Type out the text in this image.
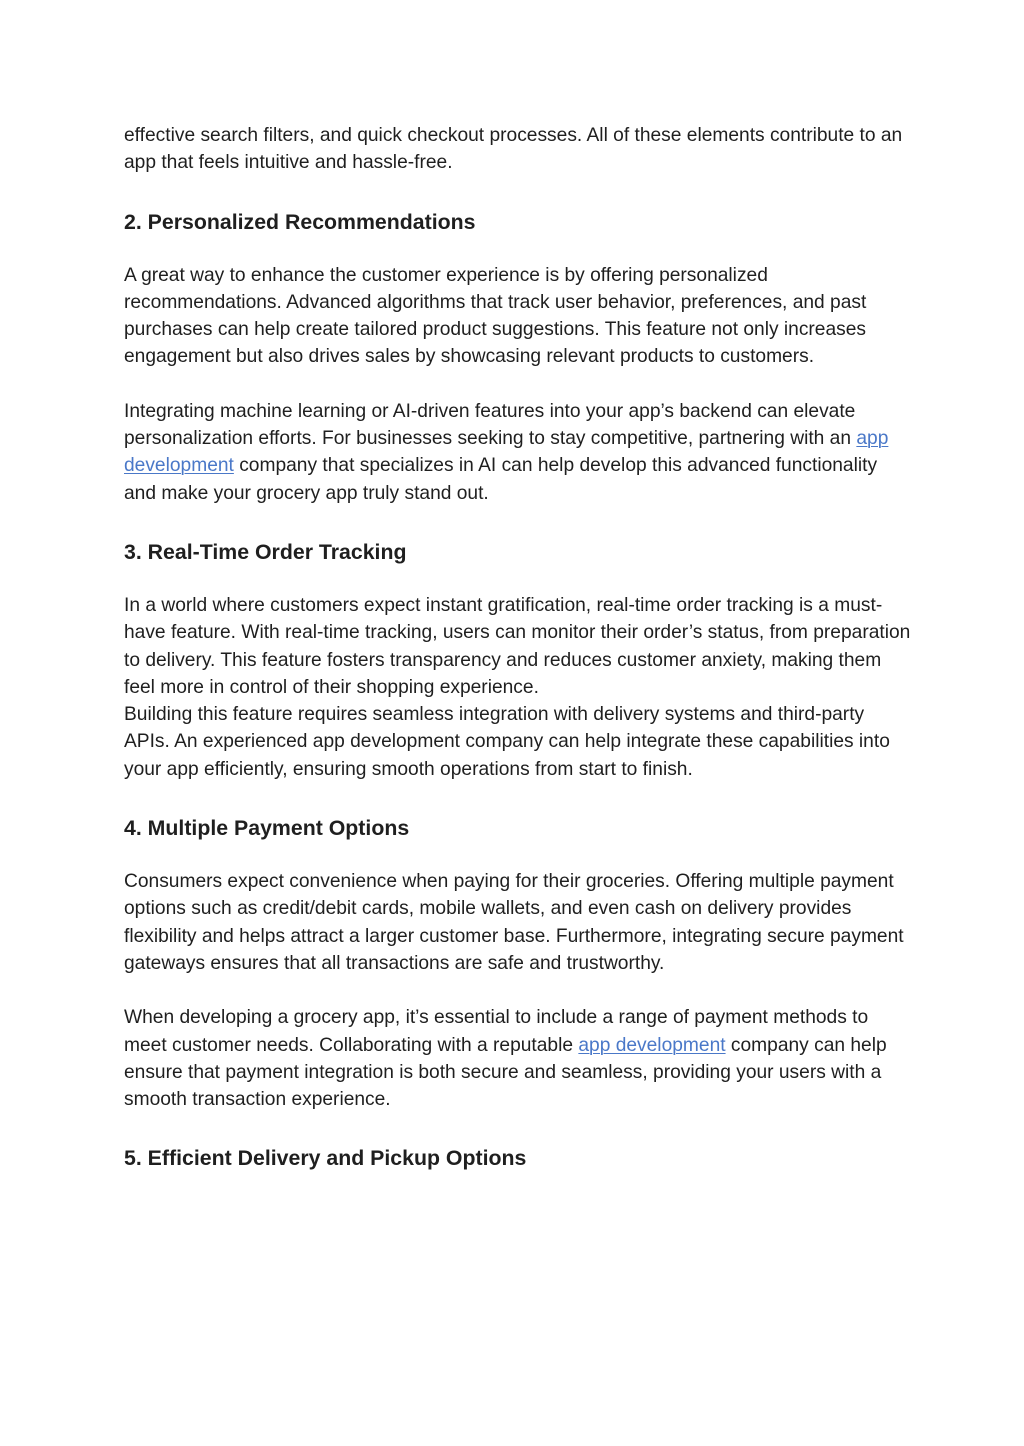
effective search filters, and quick checkout processes. All of these elements contribute to an app that feels intuitive and hassle-free.

2. Personalized Recommendations

A great way to enhance the customer experience is by offering personalized recommendations. Advanced algorithms that track user behavior, preferences, and past purchases can help create tailored product suggestions. This feature not only increases engagement but also drives sales by showcasing relevant products to customers.

Integrating machine learning or AI-driven features into your app’s backend can elevate personalization efforts. For businesses seeking to stay competitive, partnering with an app development company that specializes in AI can help develop this advanced functionality and make your grocery app truly stand out.

3. Real-Time Order Tracking

In a world where customers expect instant gratification, real-time order tracking is a must-have feature. With real-time tracking, users can monitor their order’s status, from preparation to delivery. This feature fosters transparency and reduces customer anxiety, making them feel more in control of their shopping experience.

Building this feature requires seamless integration with delivery systems and third-party APIs. An experienced app development company can help integrate these capabilities into your app efficiently, ensuring smooth operations from start to finish.

4. Multiple Payment Options

Consumers expect convenience when paying for their groceries. Offering multiple payment options such as credit/debit cards, mobile wallets, and even cash on delivery provides flexibility and helps attract a larger customer base. Furthermore, integrating secure payment gateways ensures that all transactions are safe and trustworthy.

When developing a grocery app, it’s essential to include a range of payment methods to meet customer needs. Collaborating with a reputable app development company can help ensure that payment integration is both secure and seamless, providing your users with a smooth transaction experience.

5. Efficient Delivery and Pickup Options
